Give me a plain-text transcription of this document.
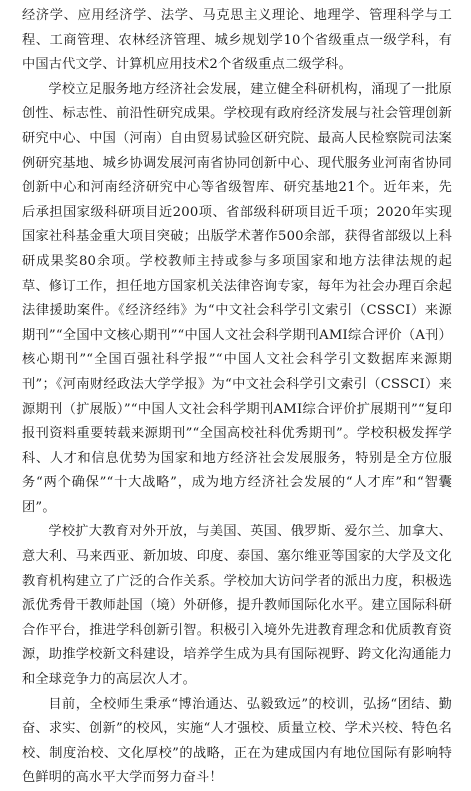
经济学、应用经济学、法学、马克思主义理论、地理学、管理科学与工程、工商管理、农林经济管理、城乡规划学10个省级重点一级学科，有中国古代文学、计算机应用技术2个省级重点二级学科。

学校立足服务地方经济社会发展，建立健全科研机构，涌现了一批原创性、标志性、前沿性研究成果。学校现有政府经济发展与社会管理创新研究中心、中国（河南）自由贸易试验区研究院、最高人民检察院司法案例研究基地、城乡协调发展河南省协同创新中心、现代服务业河南省协同创新中心和河南经济研究中心等省级智库、研究基地21个。近年来，先后承担国家级科研项目近200项、省部级科研项目近千项；2020年实现国家社科基金重大项目突破；出版学术著作500余部，获得省部级以上科研成果奖80余项。学校教师主持或参与多项国家和地方法律法规的起草、修订工作，担任地方国家机关法律咨询专家，每年为社会办理百余起法律援助案件。《经济经纬》为“中文社会科学引文索引（CSSCI）来源期刊”“全国中文核心期刊”“中国人文社会科学期刊AMI综合评价（A刊）核心期刊”“全国百强社科学报”“中国人文社会科学引文数据库来源期刊”；《河南财经政法大学学报》为“中文社会科学引文索引（CSSCI）来源期刊（扩展版）”“中国人文社会科学期刊AMI综合评价扩展期刊”“复印报刊资料重要转载来源期刊”“全国高校社科优秀期刊”。学校积极发挥学科、人才和信息优势为国家和地方经济社会发展服务，特别是全方位服务“两个确保”“十大战略”，成为地方经济社会发展的“人才库”和“智囊团”。

学校扩大教育对外开放，与美国、英国、俄罗斯、爱尔兰、加拿大、意大利、马来西亚、新加坡、印度、泰国、塞尔维亚等国家的大学及文化教育机构建立了广泛的合作关系。学校加大访问学者的派出力度，积极选派优秀骨干教师赴国（境）外研修，提升教师国际化水平。建立国际科研合作平台，推进学科创新引智。积极引入境外先进教育理念和优质教育资源，助推学校新文科建设，培养学生成为具有国际视野、跨文化沟通能力和全球竞争力的高层次人才。

目前，全校师生秉承“博治通达、弘毅致远”的校训，弘扬“团结、勤奋、求实、创新”的校风，实施“人才强校、质量立校、学术兴校、特色名校、制度治校、文化厚校”的战略，正在为建成国内有地位国际有影响特色鲜明的高水平大学而努力奋斗！
